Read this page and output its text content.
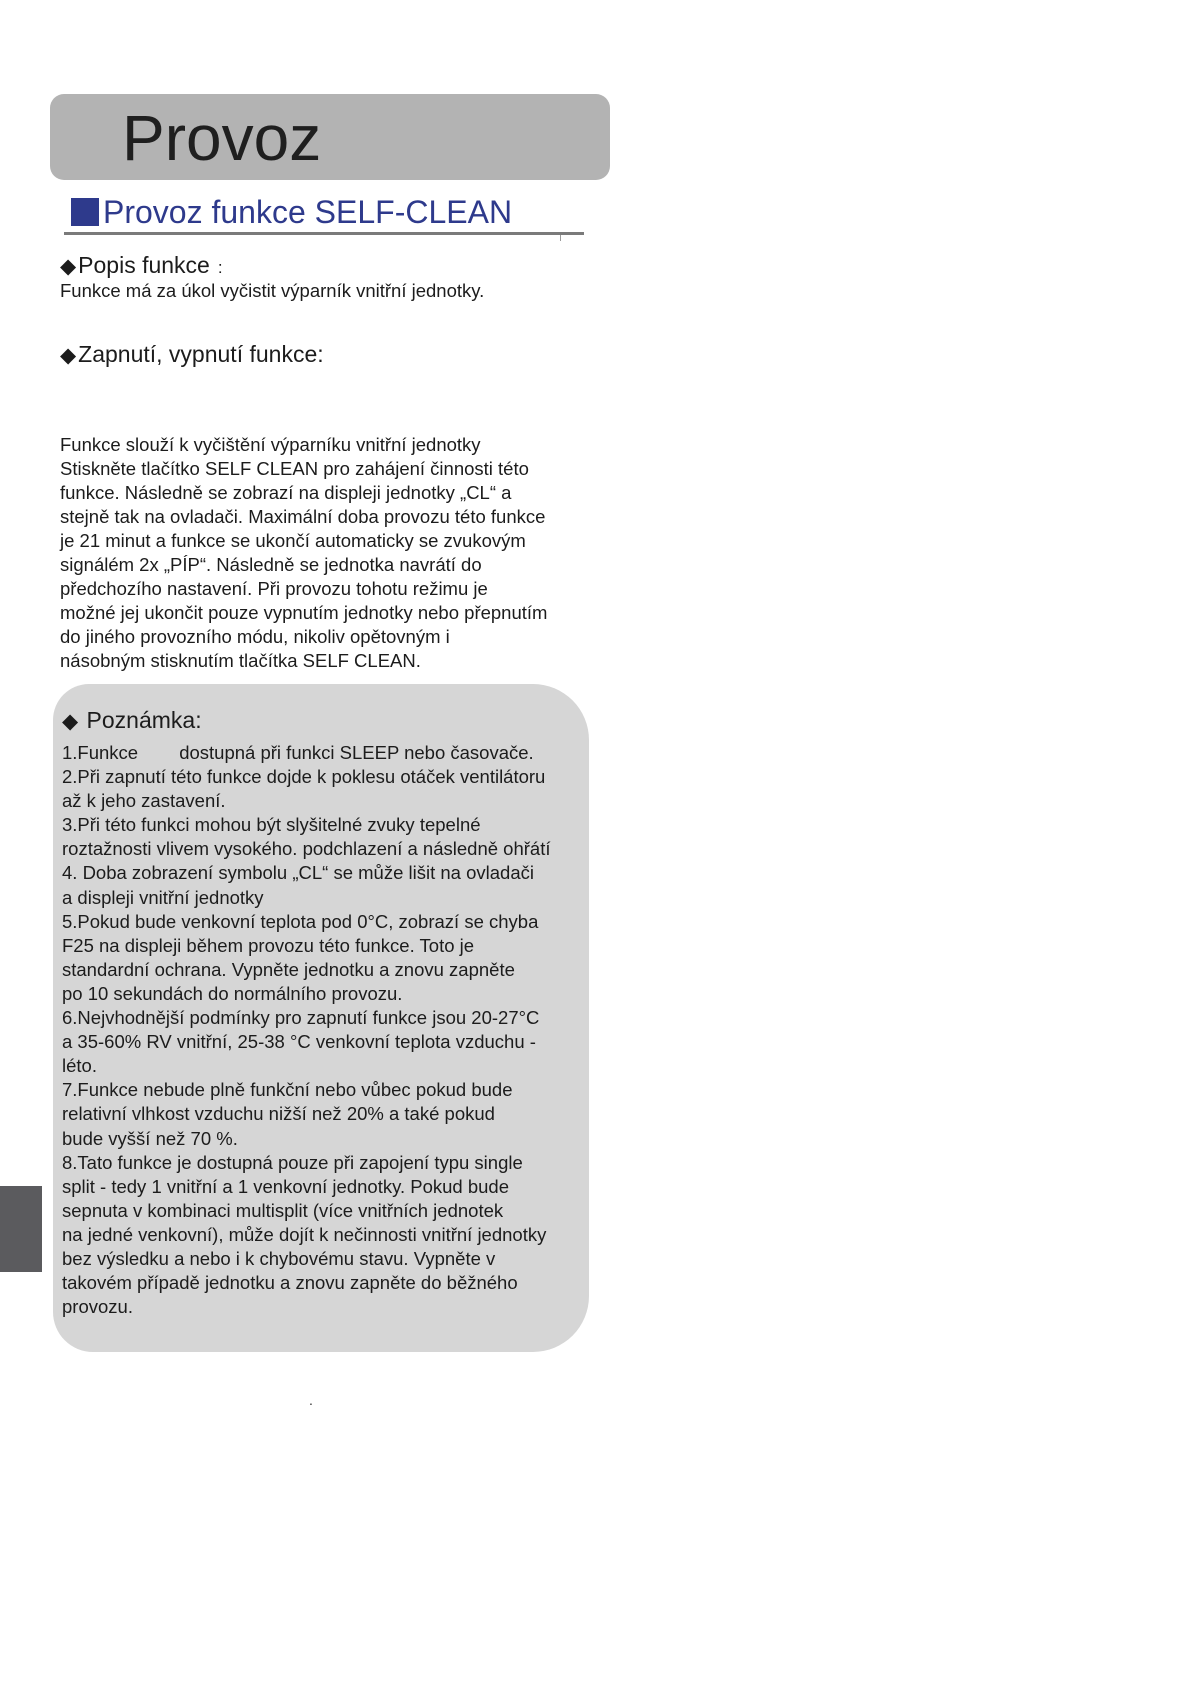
Provoz
Provoz funkce SELF-CLEAN
◆Popis funkce :
Funkce má za úkol vyčistit výparník vnitřní jednotky.
◆Zapnutí, vypnutí funkce:
Funkce slouží k vyčištění výparníku vnitřní jednotky
Stiskněte tlačítko SELF CLEAN pro zahájení činnosti této
funkce. Následně se zobrazí na displeji jednotky „CL“ a
stejně tak na ovladači. Maximální doba provozu této funkce
je 21 minut a funkce se ukončí automaticky se zvukovým
signálém 2x „PÍP“. Následně se jednotka navrátí do
předchozího nastavení. Při provozu tohotu režimu je
možné jej ukončit pouze vypnutím jednotky nebo přepnutím
do jiného provozního módu, nikoliv opětovným i
násobným stisknutím tlačítka SELF CLEAN.
◆ Poznámka:
1.Funkce        dostupná při funkci SLEEP nebo časovače.
2.Při zapnutí této funkce dojde k poklesu otáček ventilátoru
až k jeho zastavení.
3.Při této funkci mohou být slyšitelné zvuky tepelné
roztažnosti vlivem vysokého. podchlazení a následně ohřátí
4. Doba zobrazení symbolu „CL“ se může lišit na ovladači
a displeji vnitřní jednotky
5.Pokud bude venkovní teplota pod 0°C, zobrazí se chyba
F25 na displeji během provozu této funkce. Toto je
standardní ochrana. Vypněte jednotku a znovu zapněte
po 10 sekundách do normálního provozu.
6.Nejvhodnější podmínky pro zapnutí funkce jsou 20-27°C
a 35-60% RV vnitřní, 25-38 °C venkovní teplota vzduchu -
léto.
7.Funkce nebude plně funkční nebo vůbec pokud bude
relativní vlhkost vzduchu nižší než 20% a také pokud
bude vyšší než 70 %.
8.Tato funkce je dostupná pouze při zapojení typu single
split - tedy 1 vnitřní a 1 venkovní jednotky. Pokud bude
sepnuta v kombinaci multisplit (více vnitřních jednotek
na jedné venkovní), může dojít k nečinnosti vnitřní jednotky
bez výsledku a nebo i k chybovému stavu. Vypněte v
takovém případě jednotku a znovu zapněte do běžného
provozu.
.
